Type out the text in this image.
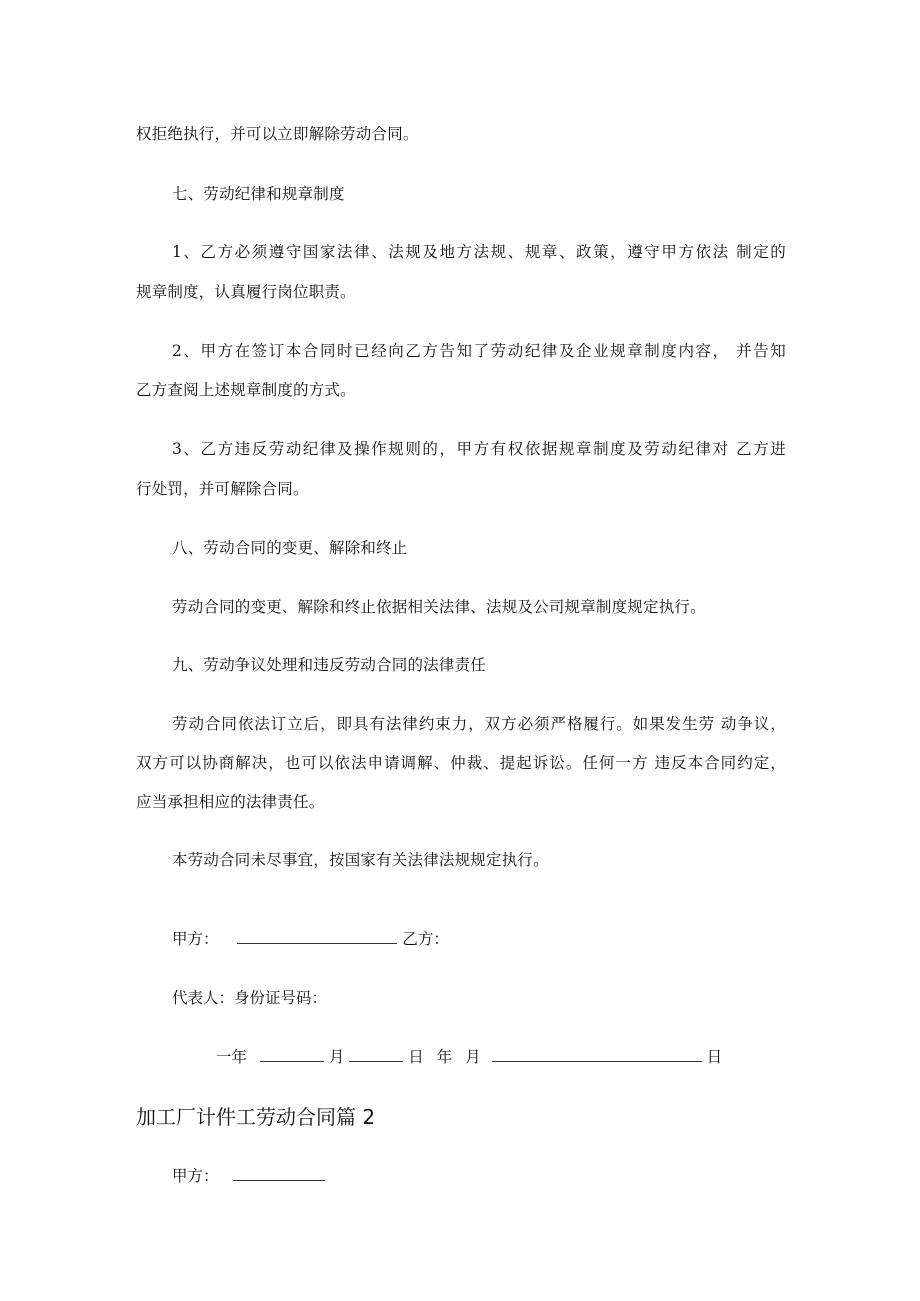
权拒绝执行，并可以立即解除劳动合同。
七、劳动纪律和规章制度
1、乙方必须遵守国家法律、法规及地方法规、规章、政策，遵守甲方依法 制定的
规章制度，认真履行岗位职责。
2、甲方在签订本合同时已经向乙方告知了劳动纪律及企业规章制度内容， 并告知
乙方查阅上述规章制度的方式。
3、乙方违反劳动纪律及操作规则的，甲方有权依据规章制度及劳动纪律对 乙方进
行处罚，并可解除合同。
八、劳动合同的变更、解除和终止
劳动合同的变更、解除和终止依据相关法律、法规及公司规章制度规定执行。
九、劳动争议处理和违反劳动合同的法律责任
劳动合同依法订立后，即具有法律约束力，双方必须严格履行。如果发生劳 动争议，
双方可以协商解决，也可以依法申请调解、仲裁、提起诉讼。任何一方 违反本合同约定，
应当承担相应的法律责任。
本劳动合同未尽事宜，按国家有关法律法规规定执行。
甲方：	乙方：
代表人：身份证号码：
一年	月	日 年 月	日
加工厂计件工劳动合同篇 2
甲方：
